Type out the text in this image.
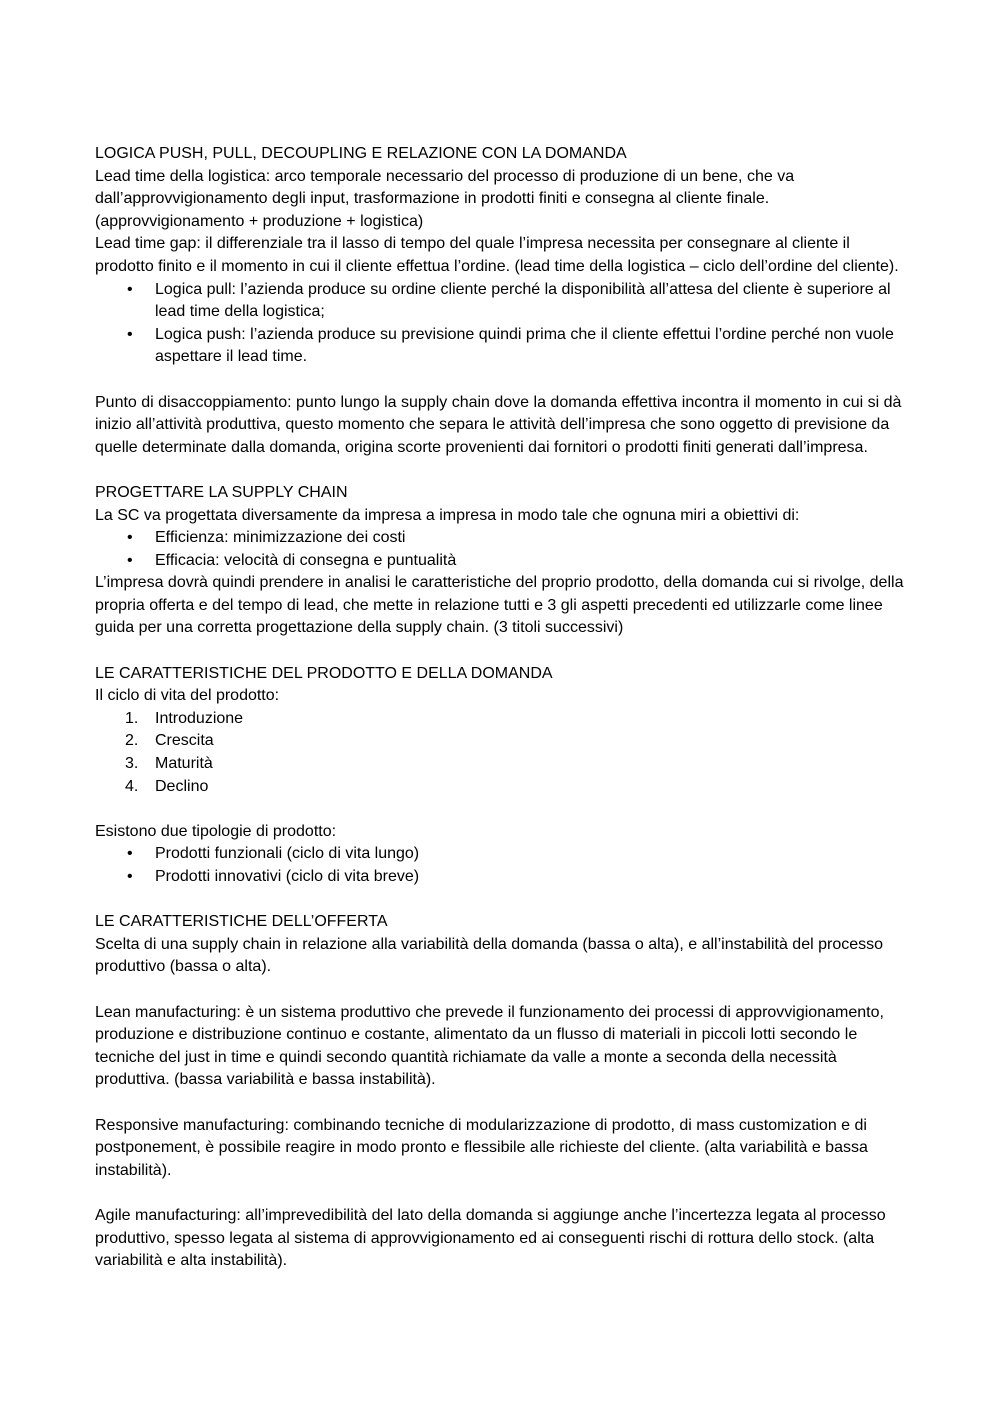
LOGICA PUSH, PULL, DECOUPLING E RELAZIONE CON LA DOMANDA

Lead time della logistica: arco temporale necessario del processo di produzione di un bene, che va dall’approvvigionamento degli input, trasformazione in prodotti finiti e consegna al cliente finale. (approvvigionamento + produzione + logistica)

Lead time gap: il differenziale tra il lasso di tempo del quale l’impresa necessita per consegnare al cliente il prodotto finito e il momento in cui il cliente effettua l’ordine. (lead time della logistica – ciclo dell’ordine del cliente).

• Logica pull: l’azienda produce su ordine cliente perché la disponibilità all’attesa del cliente è superiore al lead time della logistica;
• Logica push: l’azienda produce su previsione quindi prima che il cliente effettui l’ordine perché non vuole aspettare il lead time.

Punto di disaccoppiamento: punto lungo la supply chain dove la domanda effettiva incontra il momento in cui si dà inizio all’attività produttiva, questo momento che separa le attività dell’impresa che sono oggetto di previsione da quelle determinate dalla domanda, origina scorte provenienti dai fornitori o prodotti finiti generati dall’impresa.

PROGETTARE LA SUPPLY CHAIN

La SC va progettata diversamente da impresa a impresa in modo tale che ognuna miri a obiettivi di:

• Efficienza: minimizzazione dei costi
• Efficacia: velocità di consegna e puntualità

L’impresa dovrà quindi prendere in analisi le caratteristiche del proprio prodotto, della domanda cui si rivolge, della propria offerta e del tempo di lead, che mette in relazione tutti e 3 gli aspetti precedenti ed utilizzarle come linee guida per una corretta progettazione della supply chain. (3 titoli successivi)

LE CARATTERISTICHE DEL PRODOTTO E DELLA DOMANDA

Il ciclo di vita del prodotto:

1. Introduzione
2. Crescita
3. Maturità
4. Declino

Esistono due tipologie di prodotto:

• Prodotti funzionali (ciclo di vita lungo)
• Prodotti innovativi (ciclo di vita breve)

LE CARATTERISTICHE DELL’OFFERTA

Scelta di una supply chain in relazione alla variabilità della domanda (bassa o alta), e all’instabilità del processo produttivo (bassa o alta).

Lean manufacturing: è un sistema produttivo che prevede il funzionamento dei processi di approvvigionamento, produzione e distribuzione continuo e costante, alimentato da un flusso di materiali in piccoli lotti secondo le tecniche del just in time e quindi secondo quantità richiamate da valle a monte a seconda della necessità produttiva. (bassa variabilità e bassa instabilità).

Responsive manufacturing: combinando tecniche di modularizzazione di prodotto, di mass customization e di postponement, è possibile reagire in modo pronto e flessibile alle richieste del cliente. (alta variabilità e bassa instabilità).

Agile manufacturing: all’imprevedibilità del lato della domanda si aggiunge anche l’incertezza legata al processo produttivo, spesso legata al sistema di approvvigionamento ed ai conseguenti rischi di rottura dello stock. (alta variabilità e alta instabilità).
